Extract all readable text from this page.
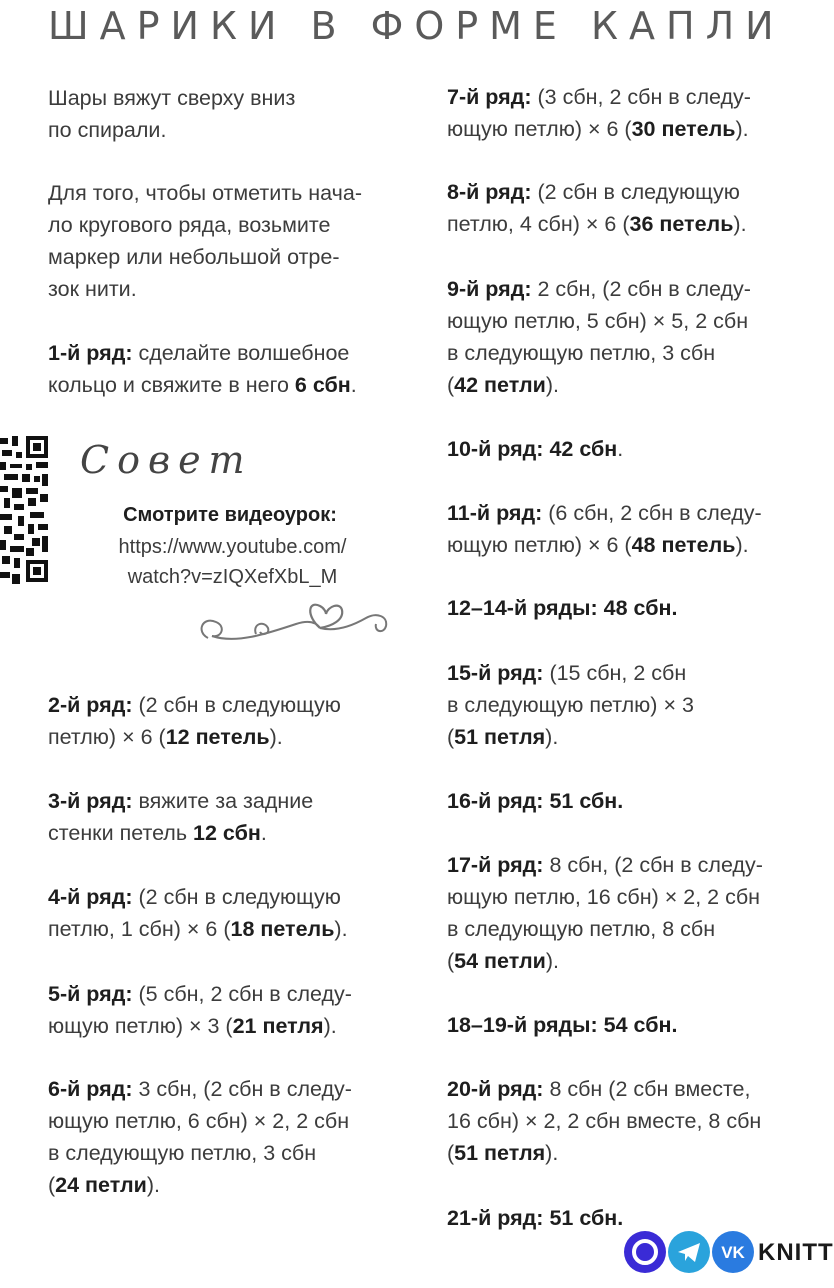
ШАРИКИ В ФОРМЕ КАПЛИ

Шары вяжут сверху вниз
по спирали.

Для того, чтобы отметить нача-
ло кругового ряда, возьмите
маркер или небольшой отре-
зок нити.

1-й ряд: сделайте волшебное
кольцо и свяжите в него 6 сбн.

2-й ряд: (2 сбн в следующую
петлю) × 6 (12 петель).

3-й ряд: вяжите за задние
стенки петель 12 сбн.

4-й ряд: (2 сбн в следующую
петлю, 1 сбн) × 6 (18 петель).

5-й ряд: (5 сбн, 2 сбн в следу-
ющую петлю) × 3 (21 петля).

6-й ряд: 3 сбн, (2 сбн в следу-
ющую петлю, 6 сбн) × 2, 2 сбн
в следующую петлю, 3 сбн
(24 петли).

Совет
Смотрите видеоурок:
https://www.youtube.com/
watch?v=zIQXefXbL_M

7-й ряд: (3 сбн, 2 сбн в следу-
ющую петлю) × 6 (30 петель).

8-й ряд: (2 сбн в следующую
петлю, 4 сбн) × 6 (36 петель).

9-й ряд: 2 сбн, (2 сбн в следу-
ющую петлю, 5 сбн) × 5, 2 сбн
в следующую петлю, 3 сбн
(42 петли).

10-й ряд: 42 сбн.

11-й ряд: (6 сбн, 2 сбн в следу-
ющую петлю) × 6 (48 петель).

12–14-й ряды: 48 сбн.

15-й ряд: (15 сбн, 2 сбн
в следующую петлю) × 3
(51 петля).

16-й ряд: 51 сбн.

17-й ряд: 8 сбн, (2 сбн в следу-
ющую петлю, 16 сбн) × 2, 2 сбн
в следующую петлю, 8 сбн
(54 петли).

18–19-й ряды: 54 сбн.

20-й ряд: 8 сбн (2 сбн вместе,
16 сбн) × 2, 2 сбн вместе, 8 сбн
(51 петля).

21-й ряд: 51 сбн.

VK KNITT
